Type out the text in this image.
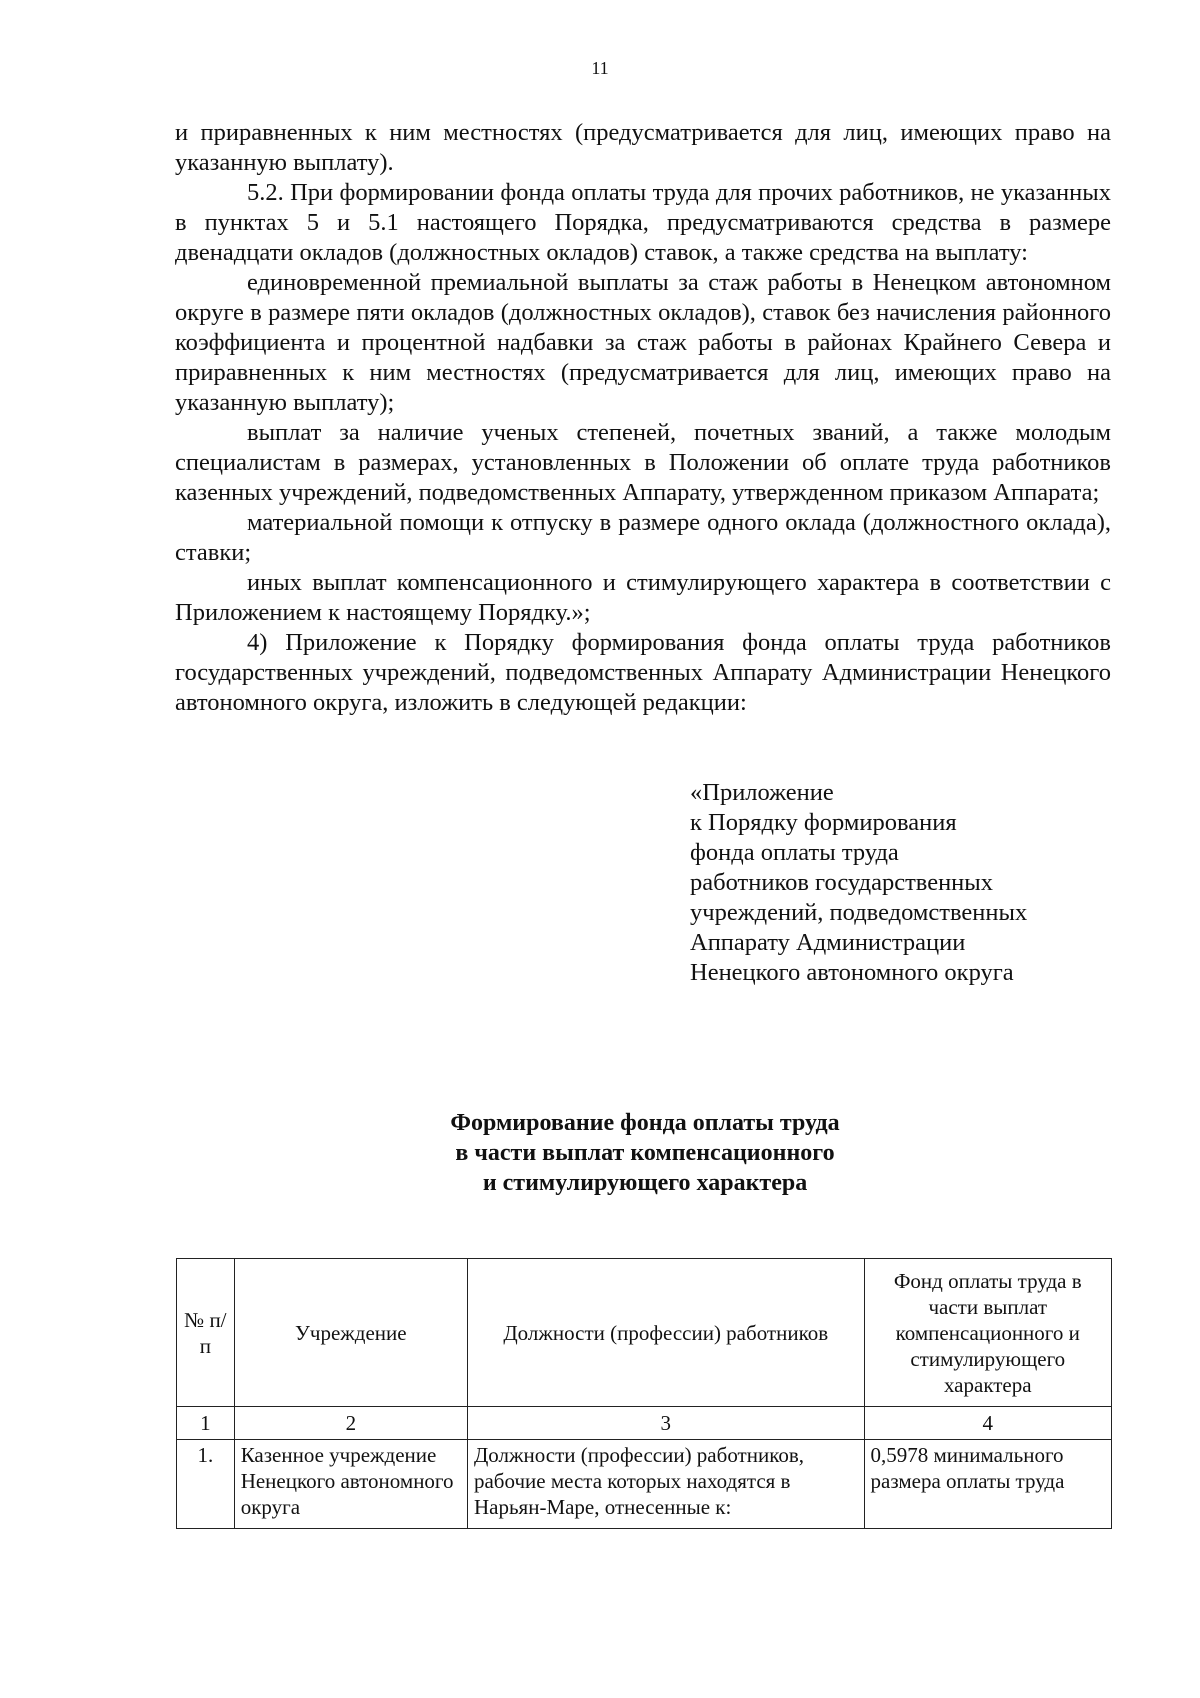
11

и приравненных к ним местностях (предусматривается для лиц, имеющих право на указанную выплату).

5.2. При формировании фонда оплаты труда для прочих работников, не указанных в пунктах 5 и 5.1 настоящего Порядка, предусматриваются средства в размере двенадцати окладов (должностных окладов) ставок, а также средства на выплату:

единовременной премиальной выплаты за стаж работы в Ненецком автономном округе в размере пяти окладов (должностных окладов), ставок без начисления районного коэффициента и процентной надбавки за стаж работы в районах Крайнего Севера и приравненных к ним местностях (предусматривается для лиц, имеющих право на указанную выплату);

выплат за наличие ученых степеней, почетных званий, а также молодым специалистам в размерах, установленных в Положении об оплате труда работников казенных учреждений, подведомственных Аппарату, утвержденном приказом Аппарата;

материальной помощи к отпуску в размере одного оклада (должностного оклада), ставки;

иных выплат компенсационного и стимулирующего характера в соответствии с Приложением к настоящему Порядку.»;

4) Приложение к Порядку формирования фонда оплаты труда работников государственных учреждений, подведомственных Аппарату Администрации Ненецкого автономного округа, изложить в следующей редакции:

«Приложение
к Порядку формирования
фонда оплаты труда
работников государственных
учреждений, подведомственных
Аппарату Администрации
Ненецкого автономного округа
Формирование фонда оплаты труда
в части выплат компенсационного
и стимулирующего характера
№ п/п	Учреждение	Должности (профессии) работников	Фонд оплаты труда в части выплат компенсационного и стимулирующего характера
1	2	3	4
1.	Казенное учреждение Ненецкого автономного округа	Должности (профессии) работников, рабочие места которых находятся в Нарьян-Маре, отнесенные к:	0,5978 минимального размера оплаты труда
